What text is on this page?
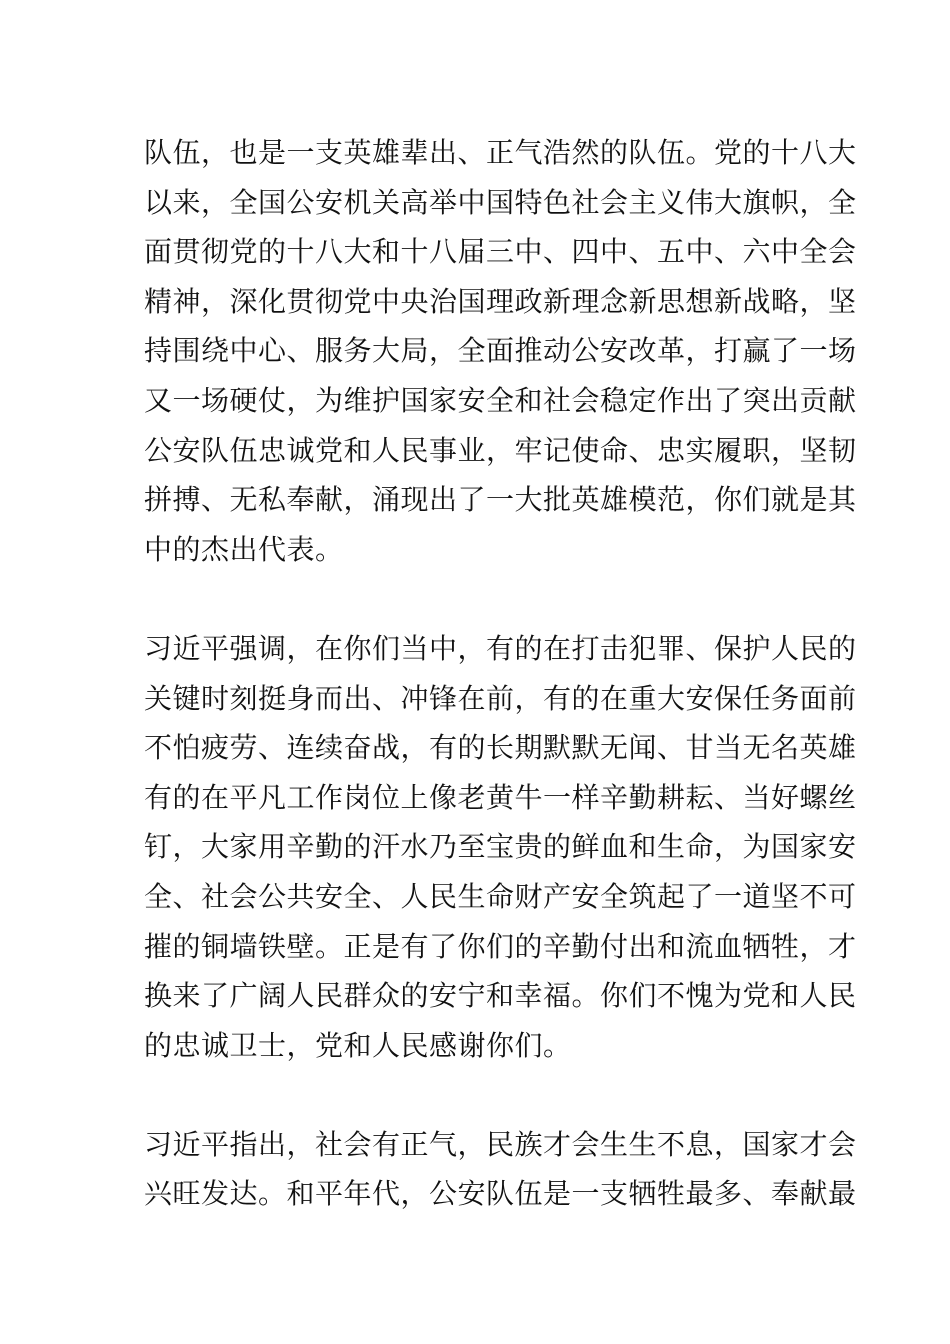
队伍，也是一支英雄辈出、正气浩然的队伍。党的十八大
以来，全国公安机关高举中国特色社会主义伟大旗帜，全
面贯彻党的十八大和十八届三中、四中、五中、六中全会
精神，深化贯彻党中央治国理政新理念新思想新战略，坚
持围绕中心、服务大局，全面推动公安改革，打赢了一场
又一场硬仗，为维护国家安全和社会稳定作出了突出贡献
公安队伍忠诚党和人民事业，牢记使命、忠实履职，坚韧
拼搏、无私奉献，涌现出了一大批英雄模范，你们就是其
中的杰出代表。
习近平强调，在你们当中，有的在打击犯罪、保护人民的
关键时刻挺身而出、冲锋在前，有的在重大安保任务面前
不怕疲劳、连续奋战，有的长期默默无闻、甘当无名英雄
有的在平凡工作岗位上像老黄牛一样辛勤耕耘、当好螺丝
钉，大家用辛勤的汗水乃至宝贵的鲜血和生命，为国家安
全、社会公共安全、人民生命财产安全筑起了一道坚不可
摧的铜墙铁壁。正是有了你们的辛勤付出和流血牺牲，才
换来了广阔人民群众的安宁和幸福。你们不愧为党和人民
的忠诚卫士，党和人民感谢你们。
习近平指出，社会有正气，民族才会生生不息，国家才会
兴旺发达。和平年代，公安队伍是一支牺牲最多、奉献最
